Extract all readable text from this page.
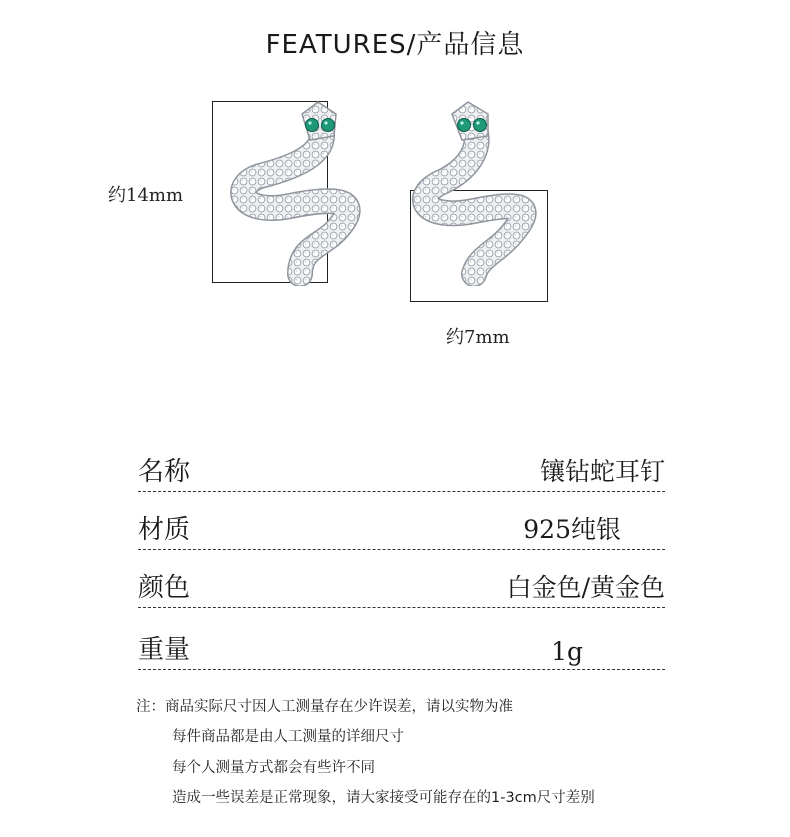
FEATURES/产品信息
约14mm
约7mm
名称	镶钻蛇耳钉
材质	925纯银
颜色	白金色/黄金色
重量	1g
注：商品实际尺寸因人工测量存在少许误差，请以实物为准
每件商品都是由人工测量的详细尺寸
每个人测量方式都会有些许不同
造成一些误差是正常现象，请大家接受可能存在的1-3cm尺寸差别
